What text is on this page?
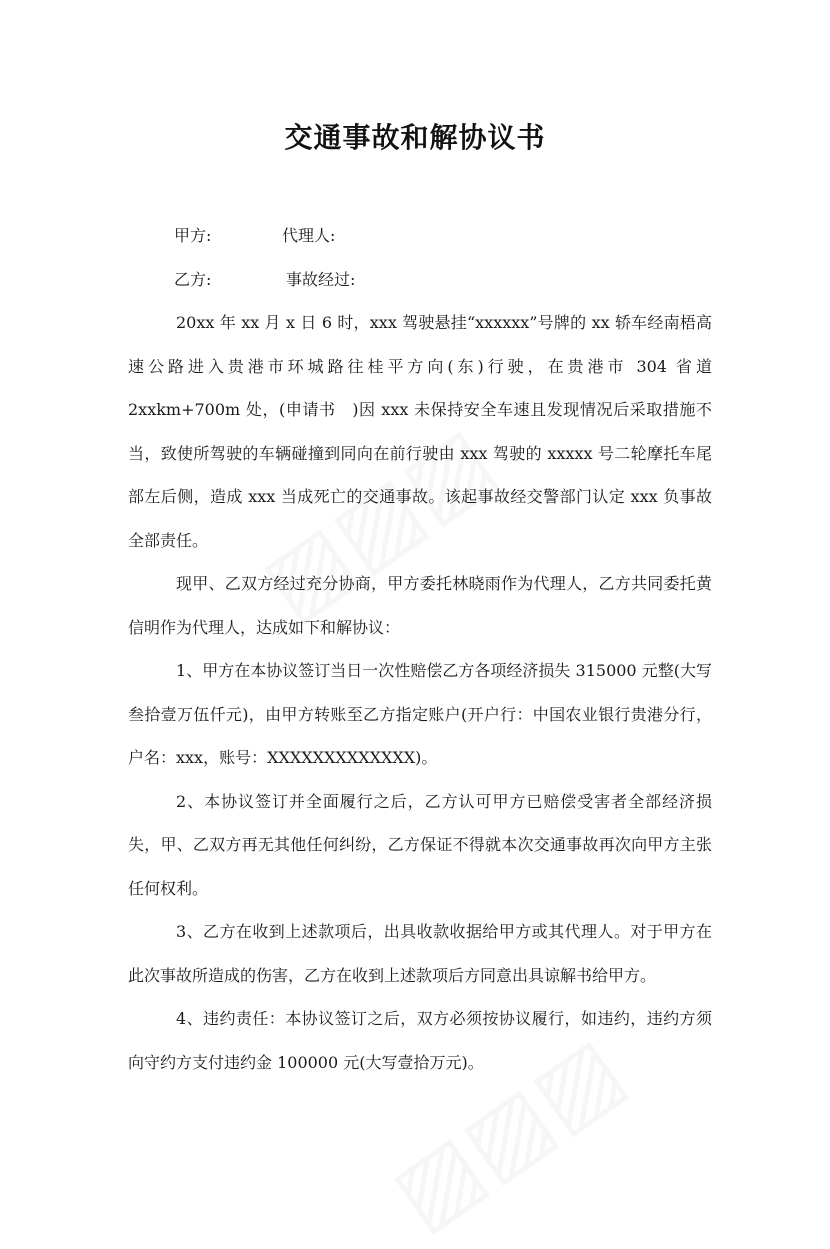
交通事故和解协议书
甲方:	代理人:
乙方:	事故经过:

20xx 年 xx 月 x 日 6 时，xxx 驾驶悬挂“xxxxxx”号牌的 xx 轿车经南梧高速公路进入贵港市环城路往桂平方向(东)行驶，在贵港市 304 省道 2xxkm+700m 处，(申请书　)因 xxx 未保持安全车速且发现情况后采取措施不当，致使所驾驶的车辆碰撞到同向在前行驶由 xxx 驾驶的 xxxxx 号二轮摩托车尾部左后侧，造成 xxx 当成死亡的交通事故。该起事故经交警部门认定 xxx 负事故全部责任。

现甲、乙双方经过充分协商，甲方委托林晓雨作为代理人，乙方共同委托黄信明作为代理人，达成如下和解协议：

1、甲方在本协议签订当日一次性赔偿乙方各项经济损失 315000 元整(大写叁拾壹万伍仟元)，由甲方转账至乙方指定账户(开户行：中国农业银行贵港分行，户名：xxx，账号：XXXXXXXXXXXXX)。

2、本协议签订并全面履行之后，乙方认可甲方已赔偿受害者全部经济损失，甲、乙双方再无其他任何纠纷，乙方保证不得就本次交通事故再次向甲方主张任何权利。

3、乙方在收到上述款项后，出具收款收据给甲方或其代理人。对于甲方在此次事故所造成的伤害，乙方在收到上述款项后方同意出具谅解书给甲方。

4、违约责任：本协议签订之后，双方必须按协议履行，如违约，违约方须向守约方支付违约金 100000 元(大写壹拾万元)。
